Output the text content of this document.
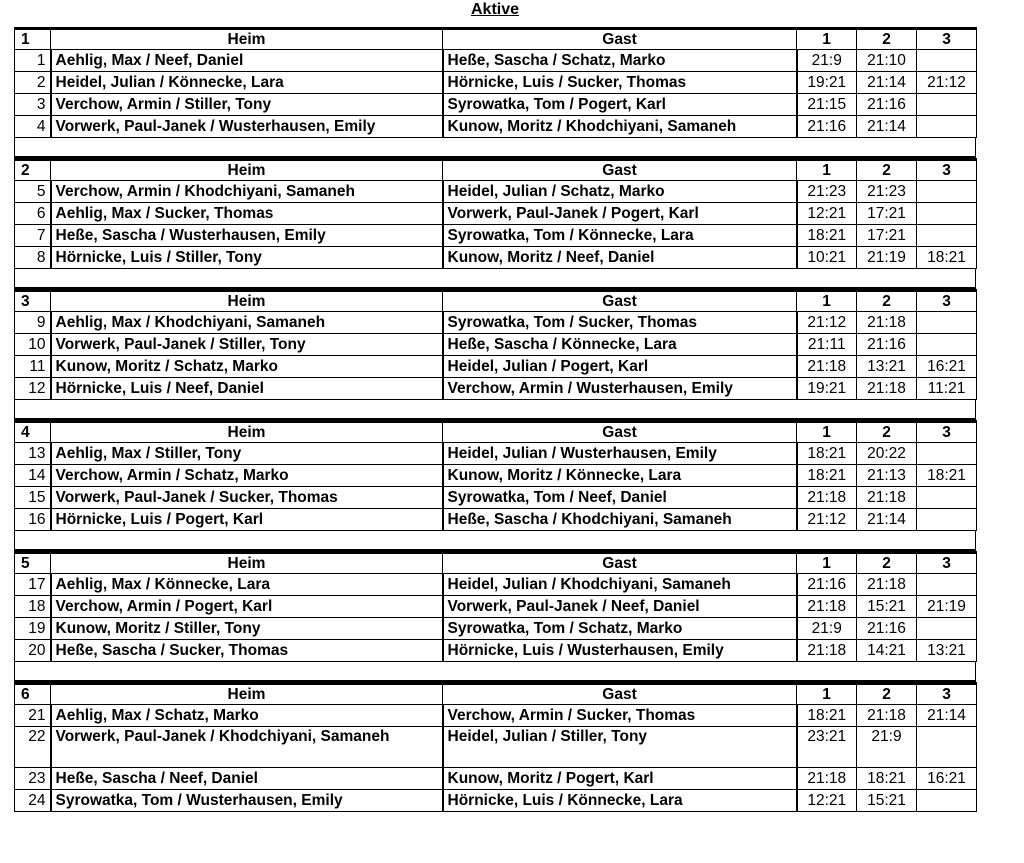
Aktive
1	Heim	Gast	1	2	3
1	Aehlig, Max / Neef, Daniel	Heße, Sascha / Schatz, Marko	21:9	21:10	
2	Heidel, Julian / Könnecke, Lara	Hörnicke, Luis / Sucker, Thomas	19:21	21:14	21:12
3	Verchow, Armin / Stiller, Tony	Syrowatka, Tom / Pogert, Karl	21:15	21:16	
4	Vorwerk, Paul-Janek / Wusterhausen, Emily	Kunow, Moritz / Khodchiyani, Samaneh	21:16	21:14	
2	Heim	Gast	1	2	3
5	Verchow, Armin / Khodchiyani, Samaneh	Heidel, Julian / Schatz, Marko	21:23	21:23	
6	Aehlig, Max / Sucker, Thomas	Vorwerk, Paul-Janek / Pogert, Karl	12:21	17:21	
7	Heße, Sascha / Wusterhausen, Emily	Syrowatka, Tom / Könnecke, Lara	18:21	17:21	
8	Hörnicke, Luis / Stiller, Tony	Kunow, Moritz / Neef, Daniel	10:21	21:19	18:21
3	Heim	Gast	1	2	3
9	Aehlig, Max / Khodchiyani, Samaneh	Syrowatka, Tom / Sucker, Thomas	21:12	21:18	
10	Vorwerk, Paul-Janek / Stiller, Tony	Heße, Sascha / Könnecke, Lara	21:11	21:16	
11	Kunow, Moritz / Schatz, Marko	Heidel, Julian / Pogert, Karl	21:18	13:21	16:21
12	Hörnicke, Luis / Neef, Daniel	Verchow, Armin / Wusterhausen, Emily	19:21	21:18	11:21
4	Heim	Gast	1	2	3
13	Aehlig, Max / Stiller, Tony	Heidel, Julian / Wusterhausen, Emily	18:21	20:22	
14	Verchow, Armin / Schatz, Marko	Kunow, Moritz / Könnecke, Lara	18:21	21:13	18:21
15	Vorwerk, Paul-Janek / Sucker, Thomas	Syrowatka, Tom / Neef, Daniel	21:18	21:18	
16	Hörnicke, Luis / Pogert, Karl	Heße, Sascha / Khodchiyani, Samaneh	21:12	21:14	
5	Heim	Gast	1	2	3
17	Aehlig, Max / Könnecke, Lara	Heidel, Julian / Khodchiyani, Samaneh	21:16	21:18	
18	Verchow, Armin / Pogert, Karl	Vorwerk, Paul-Janek / Neef, Daniel	21:18	15:21	21:19
19	Kunow, Moritz / Stiller, Tony	Syrowatka, Tom / Schatz, Marko	21:9	21:16	
20	Heße, Sascha / Sucker, Thomas	Hörnicke, Luis / Wusterhausen, Emily	21:18	14:21	13:21
6	Heim	Gast	1	2	3
21	Aehlig, Max / Schatz, Marko	Verchow, Armin / Sucker, Thomas	18:21	21:18	21:14
22	Vorwerk, Paul-Janek / Khodchiyani, Samaneh	Heidel, Julian / Stiller, Tony	23:21	21:9	
23	Heße, Sascha / Neef, Daniel	Kunow, Moritz / Pogert, Karl	21:18	18:21	16:21
24	Syrowatka, Tom / Wusterhausen, Emily	Hörnicke, Luis / Könnecke, Lara	12:21	15:21	
